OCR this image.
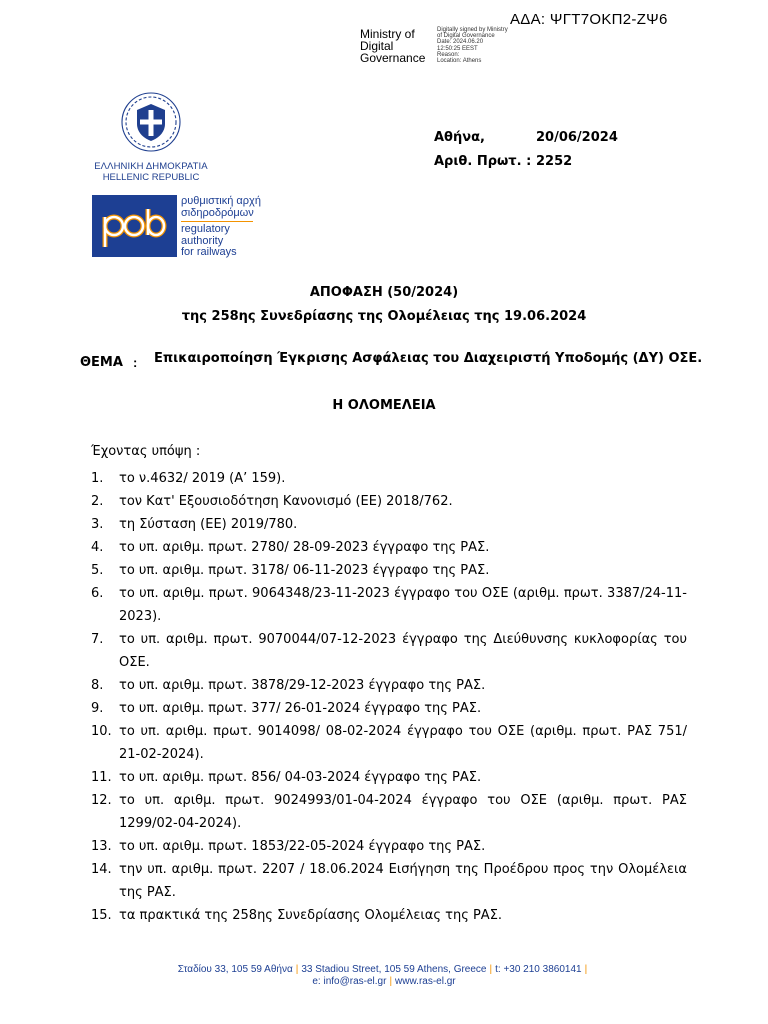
ΑΔΑ: ΨΓΤ7ΟΚΠ2-ΖΨ6
Ministry of
Digital
Governance
Digitally signed by Ministry
of Digital Governance
Date: 2024.06.20
12:50:25 EEST
Reason:
Location: Athens
ΕΛΛΗΝΙΚΗ ΔΗΜΟΚΡΑΤΙΑ
HELLENIC REPUBLIC
Αθήνα,	20/06/2024
Αριθ. Πρωτ. : 2252
ρυθμιστική αρχή
σιδηροδρόμων
regulatory
authority
for railways
ΑΠΟΦΑΣΗ (50/2024)
της 258ης Συνεδρίασης της Ολομέλειας της 19.06.2024
ΘΕΜΑ : Επικαιροποίηση Έγκρισης Ασφάλειας του Διαχειριστή Υποδομής (ΔΥ) ΟΣΕ.
Η ΟΛΟΜΕΛΕΙΑ
Έχοντας υπόψη :
1.	το ν.4632/ 2019 (Α’ 159).
2.	τον Κατ' Εξουσιοδότηση Κανονισμό (ΕΕ) 2018/762.
3.	τη Σύσταση (ΕΕ) 2019/780.
4.	το υπ. αριθμ. πρωτ. 2780/ 28-09-2023 έγγραφο της ΡΑΣ.
5.	το υπ. αριθμ. πρωτ. 3178/ 06-11-2023 έγγραφο της ΡΑΣ.
6.	το υπ. αριθμ. πρωτ. 9064348/23-11-2023 έγγραφο του ΟΣΕ (αριθμ. πρωτ. 3387/24-11-2023).
7.	το υπ. αριθμ. πρωτ. 9070044/07-12-2023 έγγραφο της Διεύθυνσης κυκλοφορίας του ΟΣΕ.
8.	το υπ. αριθμ. πρωτ. 3878/29-12-2023 έγγραφο της ΡΑΣ.
9.	το υπ. αριθμ. πρωτ. 377/ 26-01-2024 έγγραφο της ΡΑΣ.
10. το υπ. αριθμ. πρωτ. 9014098/ 08-02-2024 έγγραφο του ΟΣΕ (αριθμ. πρωτ. ΡΑΣ 751/ 21-02-2024).
11. το υπ. αριθμ. πρωτ. 856/ 04-03-2024 έγγραφο της ΡΑΣ.
12. το υπ. αριθμ. πρωτ. 9024993/01-04-2024 έγγραφο του ΟΣΕ (αριθμ. πρωτ. ΡΑΣ 1299/02-04-2024).
13. το υπ. αριθμ. πρωτ. 1853/22-05-2024 έγγραφο της ΡΑΣ.
14. την υπ. αριθμ. πρωτ. 2207 / 18.06.2024 Εισήγηση της Προέδρου προς την Ολομέλεια της ΡΑΣ.
15. τα πρακτικά της 258ης Συνεδρίασης Ολομέλειας της ΡΑΣ.
Σταδίου 33, 105 59 Αθήνα | 33 Stadiou Street, 105 59 Athens, Greece | t: +30 210 3860141 |
e: info@ras-el.gr | www.ras-el.gr
